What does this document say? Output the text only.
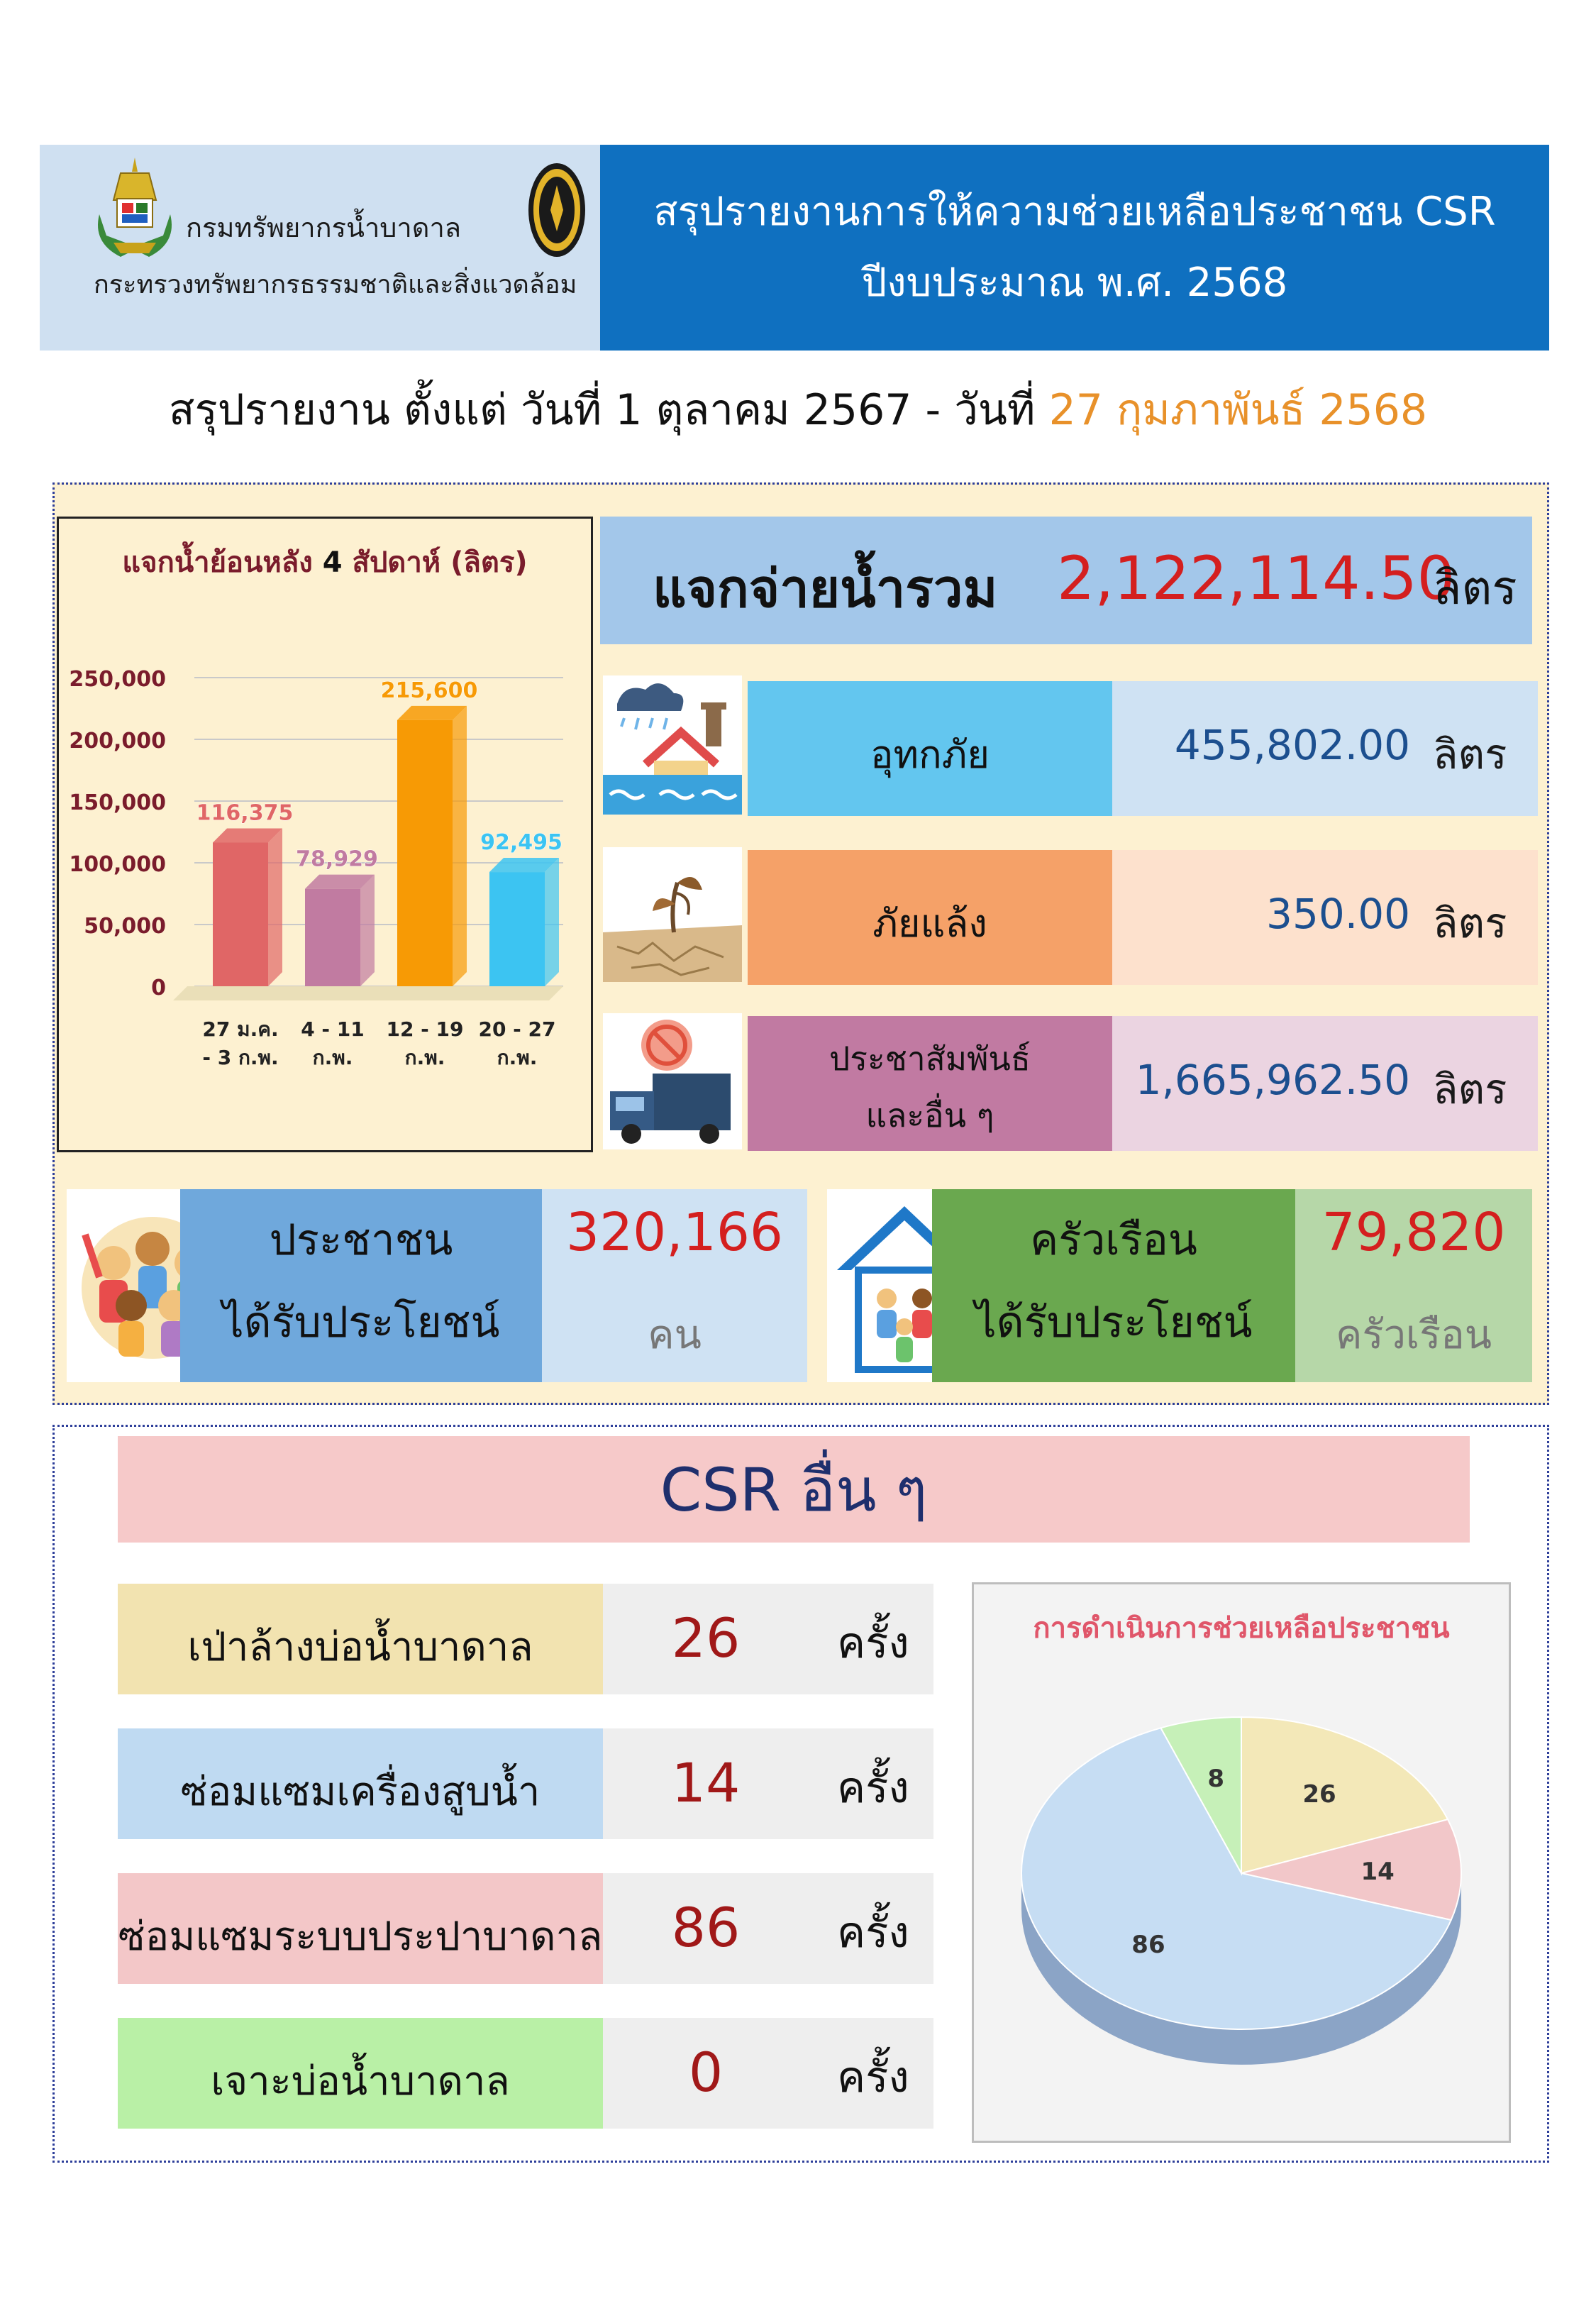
กรมทรัพยากรน้ำบาดาล
กระทรวงทรัพยากรธรรมชาติและสิ่งแวดล้อม
สรุปรายงานการให้ความช่วยเหลือประชาชน CSR
ปีงบประมาณ พ.ศ. 2568
สรุปรายงาน ตั้งแต่ วันที่ 1 ตุลาคม 2567 - วันที่ 27 กุมภาพันธ์ 2568
แจกน้ำย้อนหลัง 4 สัปดาห์ (ลิตร)
0
50,000
100,000
150,000
200,000
250,000
116,375
27 ม.ค.
- 3 ก.พ.
78,929
4 - 11
ก.พ.
215,600
12 - 19
ก.พ.
92,495
20 - 27
ก.พ.
แจกจ่ายน้ำรวม 2,122,114.50
ลิตร
อุทกภัย	455,802.00 ลิตร
ภัยแล้ง	350.00 ลิตร
ประชาสัมพันธ์
และอื่น ๆ
1,665,962.50 ลิตร
ประชาชน
ได้รับประโยชน์
320,166
คน
ครัวเรือน
ได้รับประโยชน์
79,820
ครัวเรือน
CSR อื่น ๆ
เป่าล้างบ่อน้ำบาดาล	26	ครั้ง
ซ่อมแซมเครื่องสูบน้ำ	14	ครั้ง
ซ่อมแซมระบบประปาบาดาล	86	ครั้ง
เจาะบ่อน้ำบาดาล	0	ครั้ง
การดำเนินการช่วยเหลือประชาชน
26
14
86
8
